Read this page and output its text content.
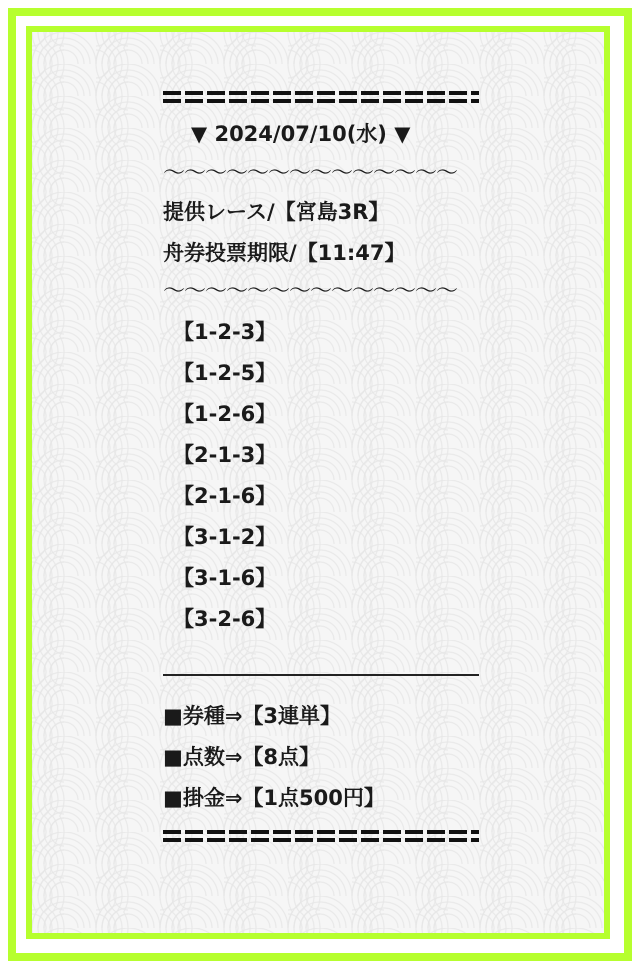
▼ 2024/07/10(水) ▼
〜〜〜〜〜〜〜〜〜〜〜〜〜〜
提供レース/【宮島3R】
舟券投票期限/【11:47】
〜〜〜〜〜〜〜〜〜〜〜〜〜〜
【1-2-3】
【1-2-5】
【1-2-6】
【2-1-3】
【2-1-6】
【3-1-2】
【3-1-6】
【3-2-6】
■券種⇒【3連単】
■点数⇒【8点】
■掛金⇒【1点500円】
